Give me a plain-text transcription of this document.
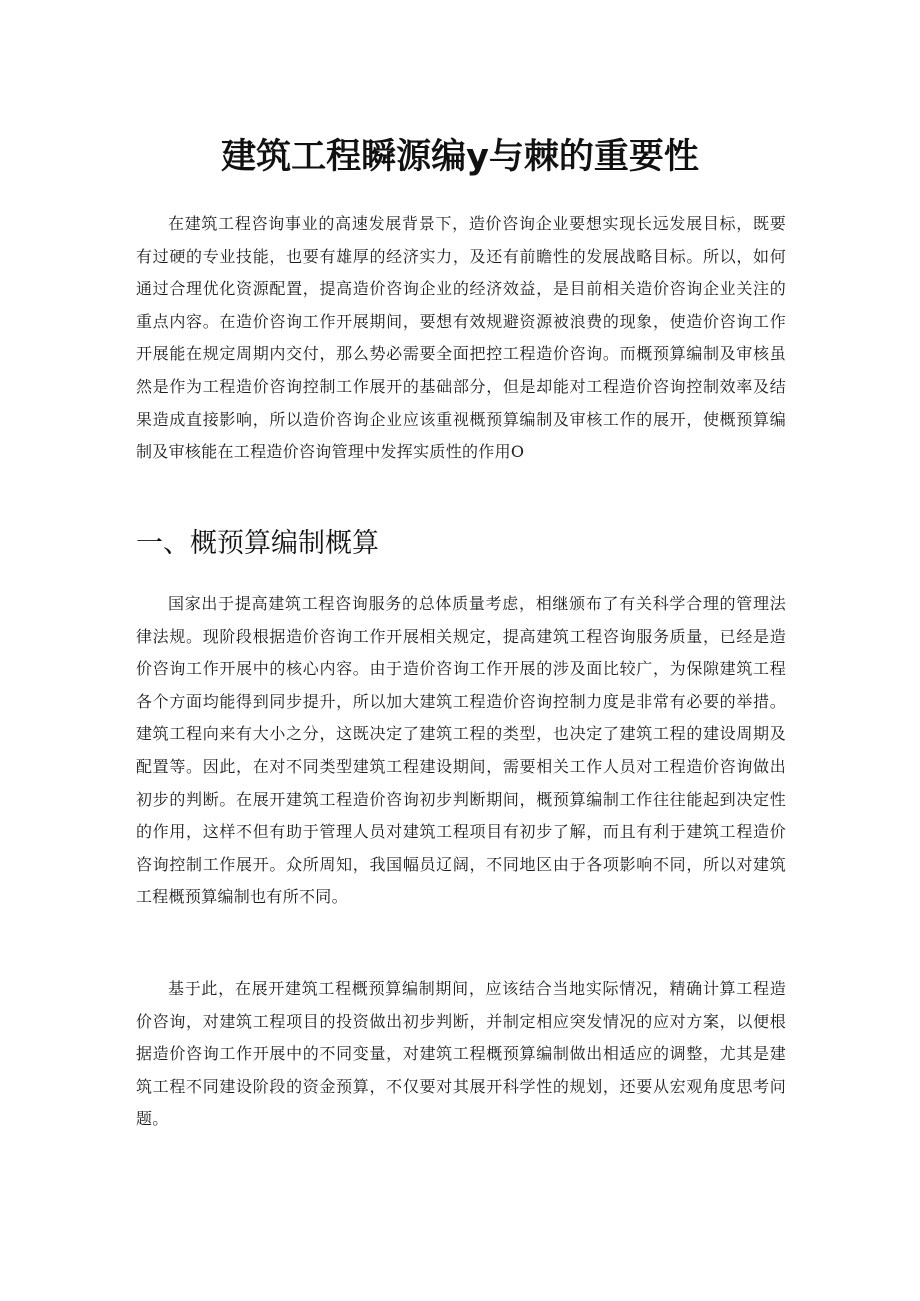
建筑工程瞬源编y与棘的重要性

在建筑工程咨询事业的高速发展背景下，造价咨询企业要想实现长远发展目标，既要有过硬的专业技能，也要有雄厚的经济实力，及还有前瞻性的发展战略目标。所以，如何通过合理优化资源配置，提高造价咨询企业的经济效益，是目前相关造价咨询企业关注的重点内容。在造价咨询工作开展期间，要想有效规避资源被浪费的现象，使造价咨询工作开展能在规定周期内交付，那么势必需要全面把控工程造价咨询。而概预算编制及审核虽然是作为工程造价咨询控制工作展开的基础部分，但是却能对工程造价咨询控制效率及结果造成直接影响，所以造价咨询企业应该重视概预算编制及审核工作的展开，使概预算编制及审核能在工程造价咨询管理中发挥实质性的作用O

一、概预算编制概算

国家出于提高建筑工程咨询服务的总体质量考虑，相继颁布了有关科学合理的管理法律法规。现阶段根据造价咨询工作开展相关规定，提高建筑工程咨询服务质量，已经是造价咨询工作开展中的核心内容。由于造价咨询工作开展的涉及面比较广，为保隙建筑工程各个方面均能得到同步提升，所以加大建筑工程造价咨询控制力度是非常有必要的举措。建筑工程向来有大小之分，这既决定了建筑工程的类型，也决定了建筑工程的建设周期及配置等。因此，在对不同类型建筑工程建设期间，需要相关工作人员对工程造价咨询做出初步的判断。在展开建筑工程造价咨询初步判断期间，概预算编制工作往往能起到决定性的作用，这样不但有助于管理人员对建筑工程项目有初步了解，而且有利于建筑工程造价咨询控制工作展开。众所周知，我国幅员辽阔，不同地区由于各项影响不同，所以对建筑工程概预算编制也有所不同。

基于此，在展开建筑工程概预算编制期间，应该结合当地实际情况，精确计算工程造价咨询，对建筑工程项目的投资做出初步判断，并制定相应突发情况的应对方案，以便根据造价咨询工作开展中的不同变量，对建筑工程概预算编制做出相适应的调整，尤其是建筑工程不同建设阶段的资金预算，不仅要对其展开科学性的规划，还要从宏观角度思考问题。
